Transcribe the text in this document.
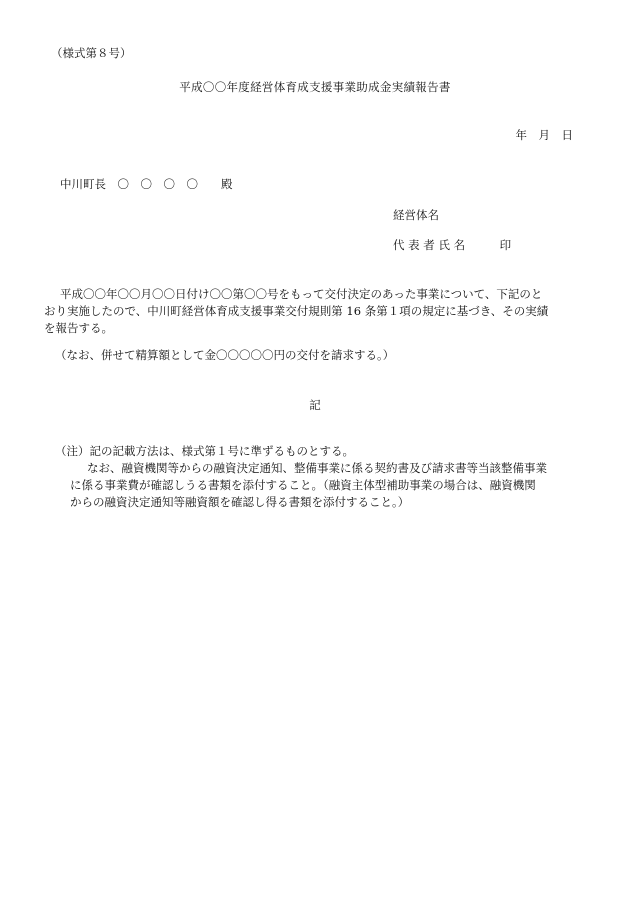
（様式第８号）
平成〇〇年度経営体育成支援事業助成金実績報告書
年　月　日
中川町長　〇　〇　〇　〇　　殿
経営体名
代 表 者 氏 名　　　印
平成〇〇年〇〇月〇〇日付け〇〇第〇〇号をもって交付決定のあった事業について、下記のと
おり実施したので、中川町経営体育成支援事業交付規則第 16 条第１項の規定に基づき、その実績
を報告する。
（なお、併せて精算額として金〇〇〇〇〇円の交付を請求する。）
記
（注）記の記載方法は、様式第１号に準ずるものとする。
なお、融資機関等からの融資決定通知、整備事業に係る契約書及び請求書等当該整備事業
に係る事業費が確認しうる書類を添付すること。（融資主体型補助事業の場合は、融資機関
からの融資決定通知等融資額を確認し得る書類を添付すること。）
